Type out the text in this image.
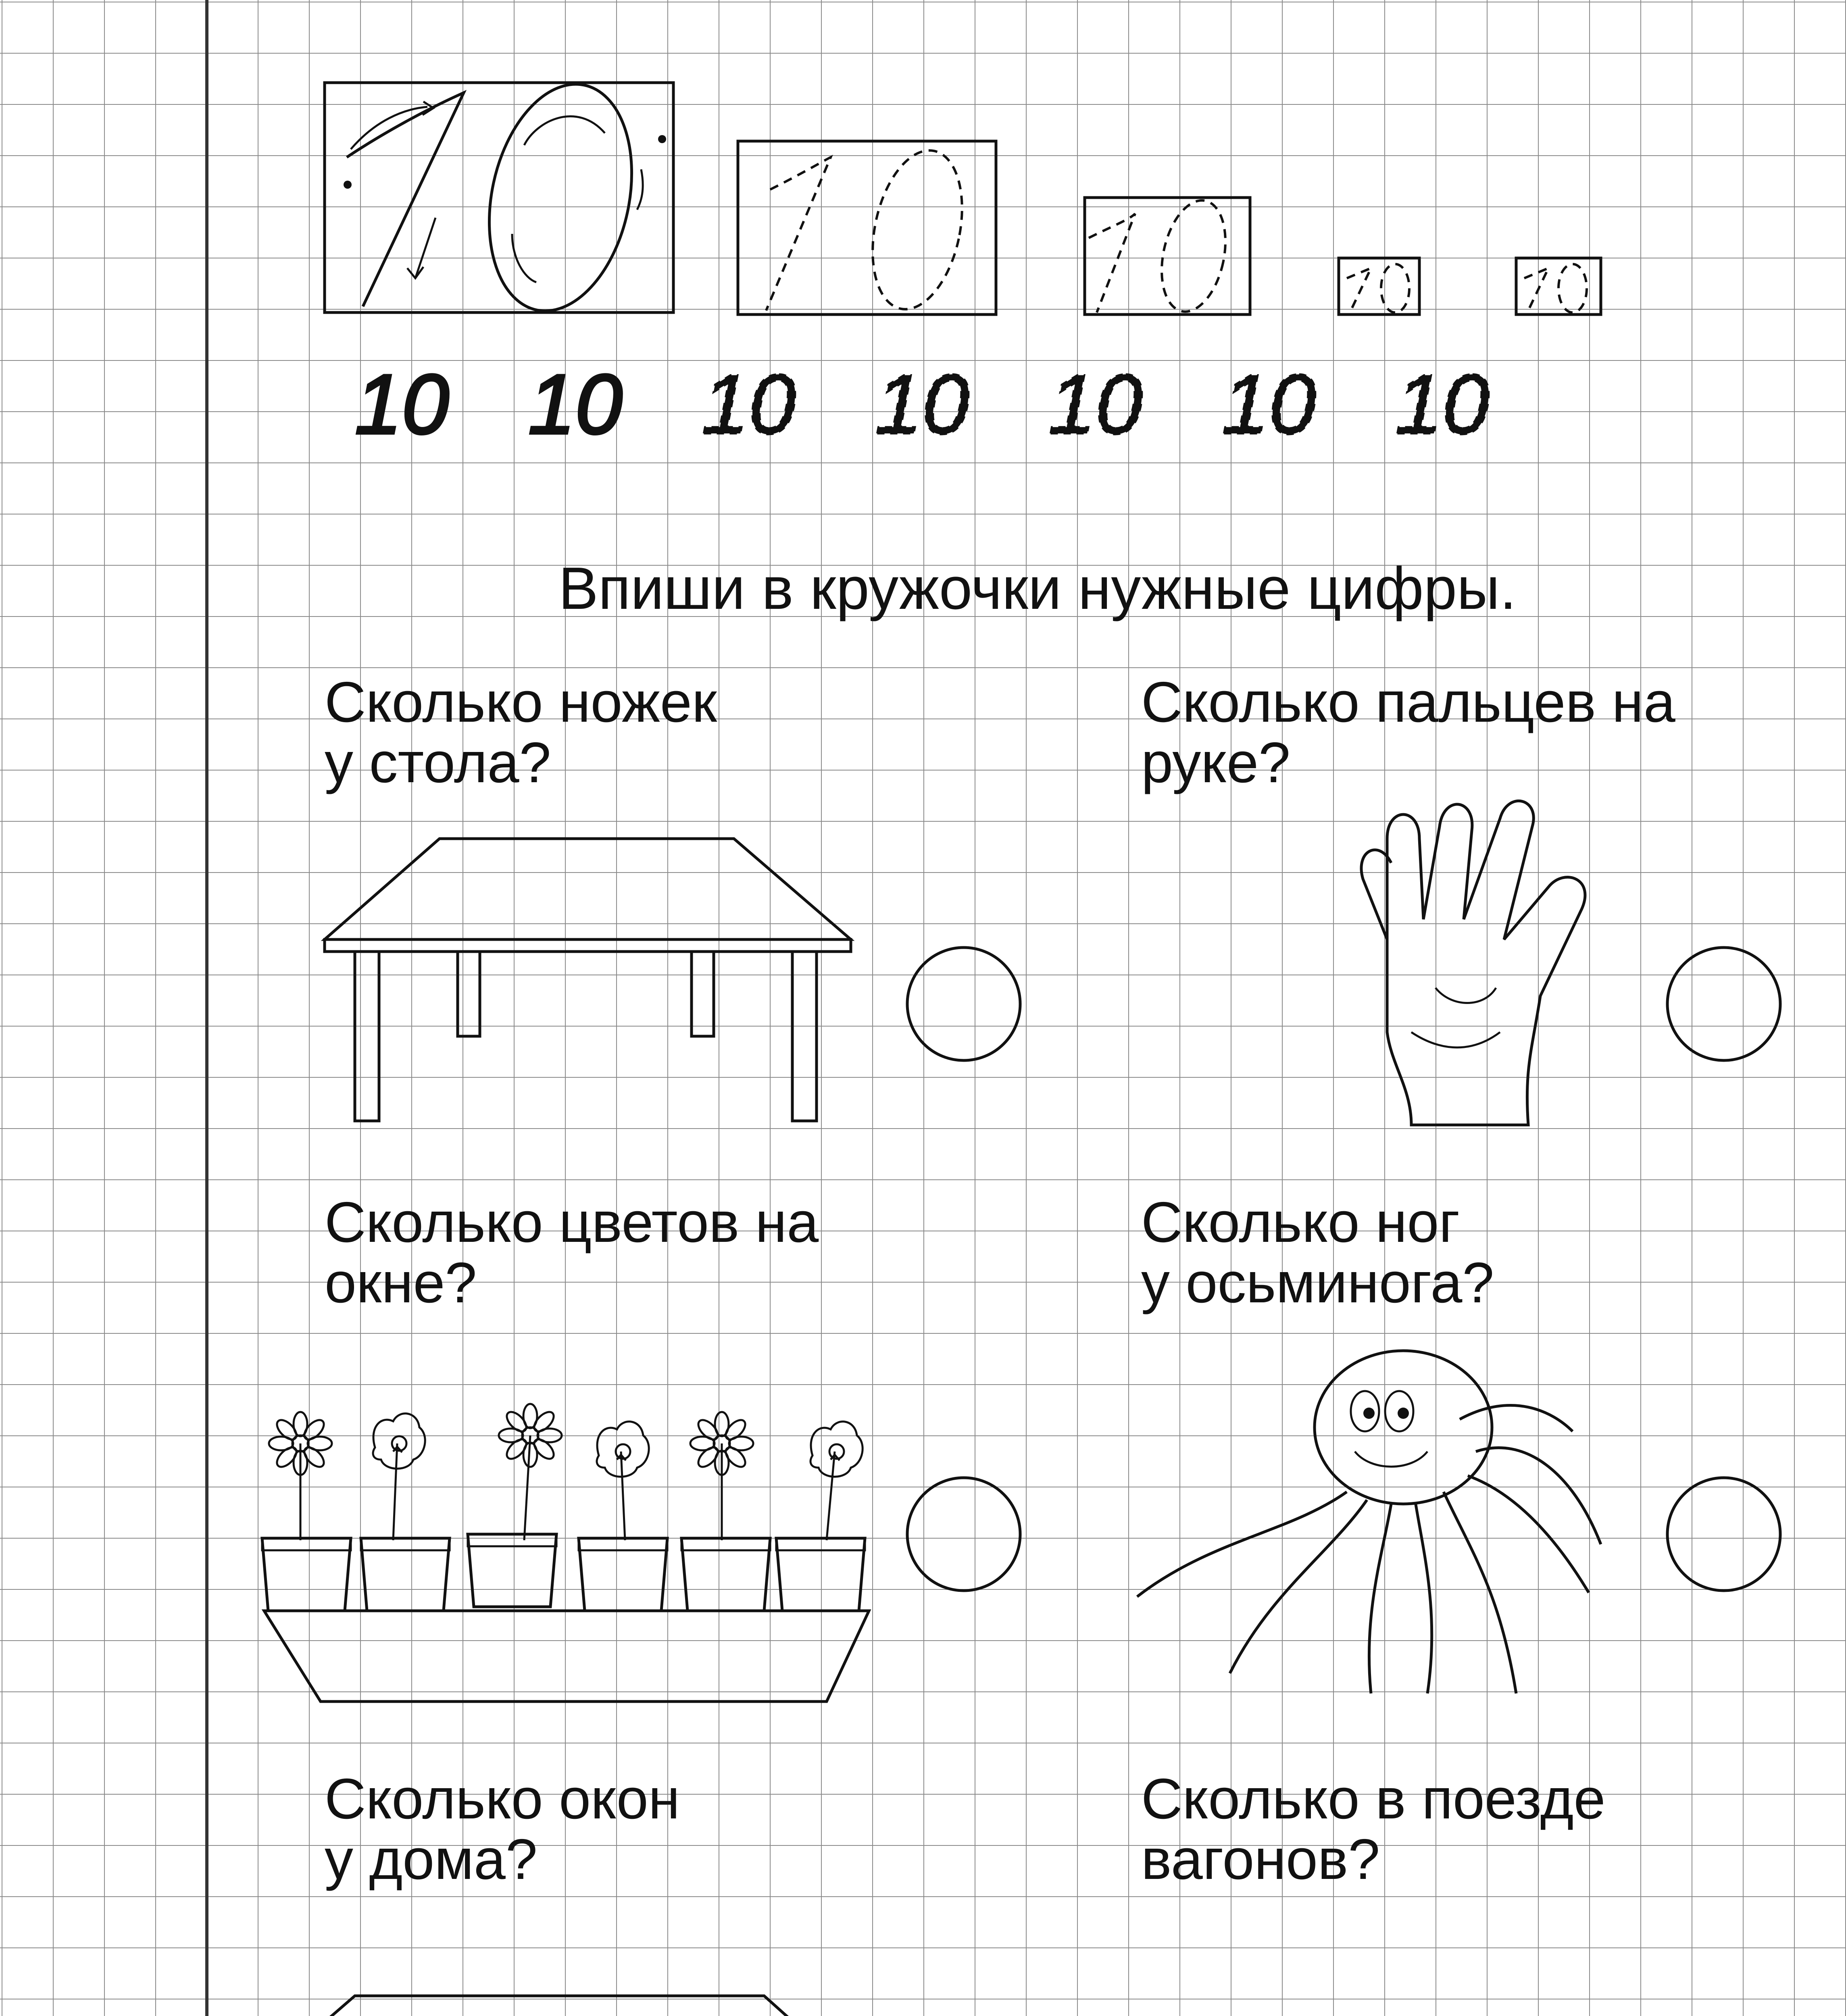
10 10 10 10 10 10 10
Впиши в кружочки нужные цифры.
Сколько ножек
у стола?
Сколько пальцев на
руке?
Сколько цветов на
окне?
Сколько ног
у осьминога?
Сколько окон
у дома?
Сколько в поезде
вагонов?
